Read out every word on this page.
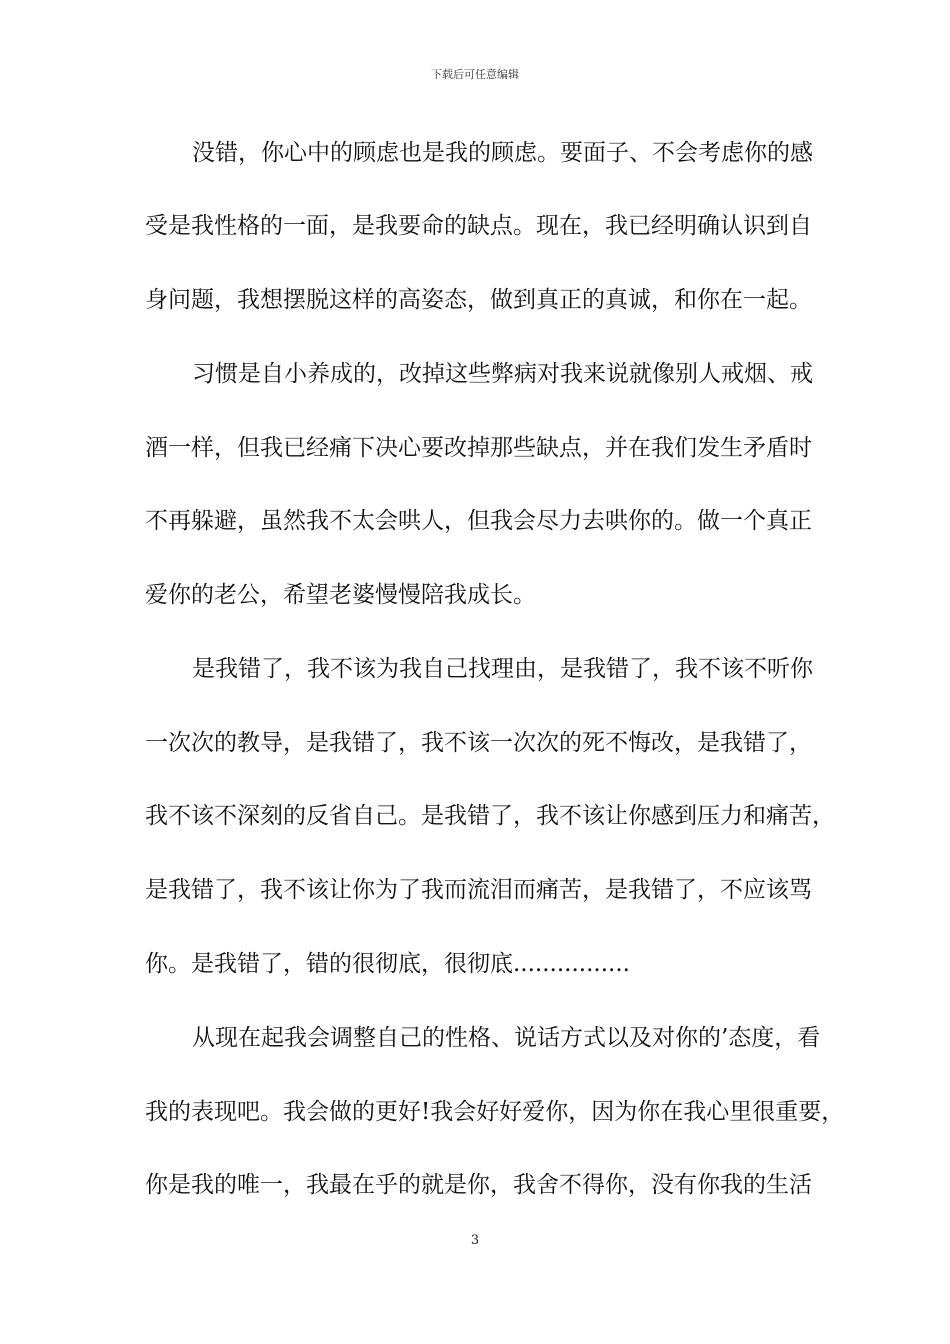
下载后可任意编辑
没错，你心中的顾虑也是我的顾虑。要面子、不会考虑你的感
受是我性格的一面，是我要命的缺点。现在，我已经明确认识到自
身问题，我想摆脱这样的高姿态，做到真正的真诚，和你在一起。
习惯是自小养成的，改掉这些弊病对我来说就像别人戒烟、戒
酒一样，但我已经痛下决心要改掉那些缺点，并在我们发生矛盾时
不再躲避，虽然我不太会哄人，但我会尽力去哄你的。做一个真正
爱你的老公，希望老婆慢慢陪我成长。
是我错了，我不该为我自己找理由，是我错了，我不该不听你
一次次的教导，是我错了，我不该一次次的死不悔改，是我错了，
我不该不深刻的反省自己。是我错了，我不该让你感到压力和痛苦，
是我错了，我不该让你为了我而流泪而痛苦，是我错了，不应该骂
你。是我错了，错的很彻底，很彻底................
从现在起我会调整自己的性格、说话方式以及对你的’态度，看
我的表现吧。我会做的更好!我会好好爱你，因为你在我心里很重要，
你是我的唯一，我最在乎的就是你，我舍不得你，没有你我的生活
3
